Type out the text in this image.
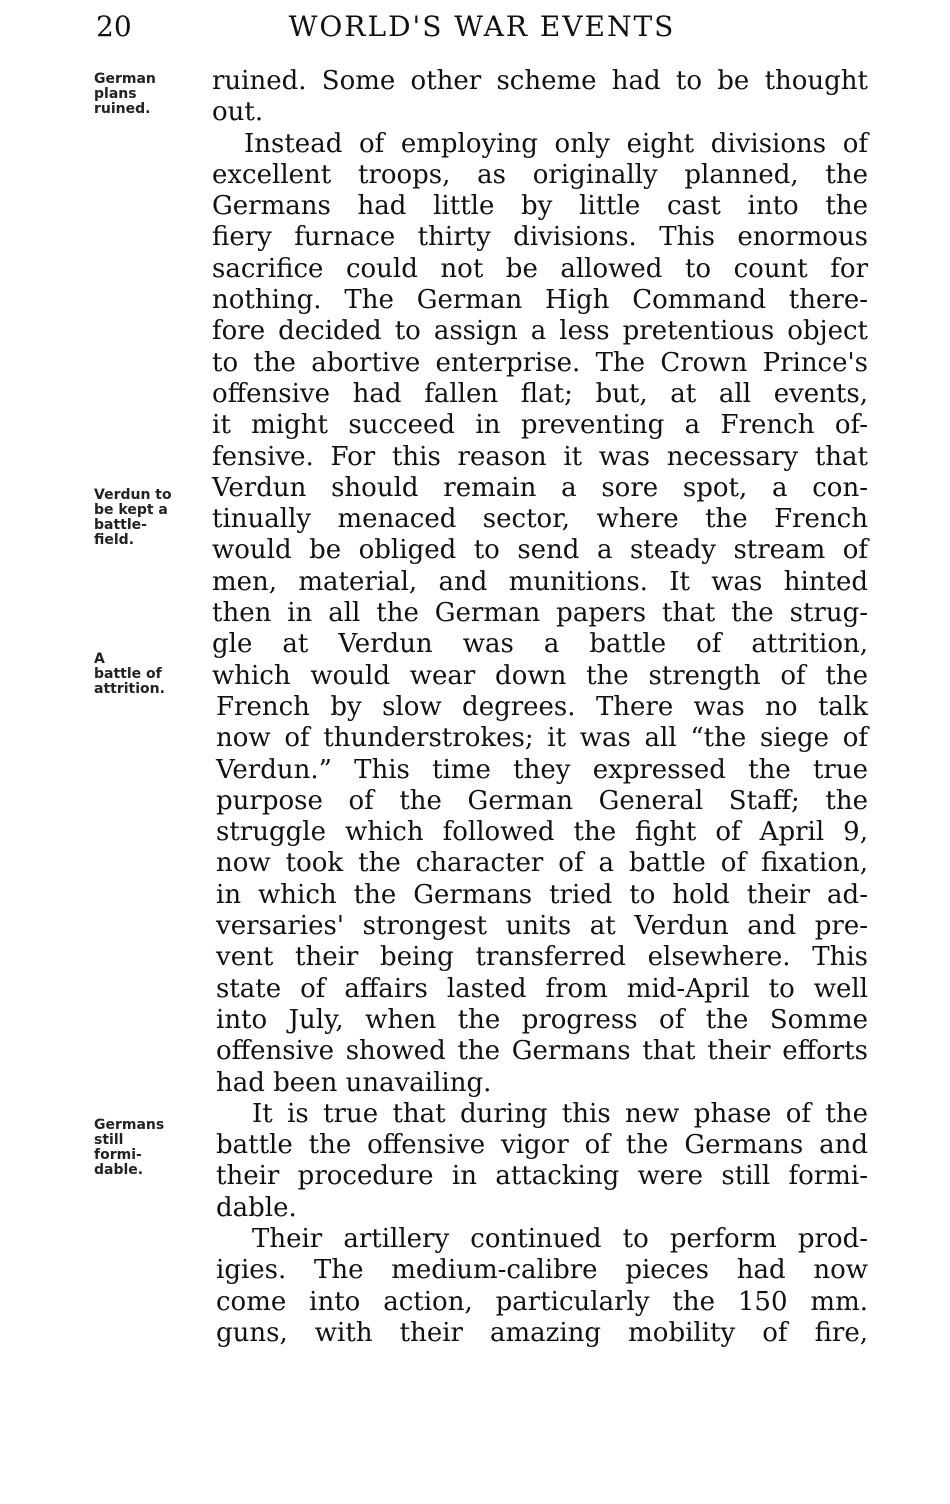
20	WORLD'S WAR EVENTS
German
plans
ruined.
Verdun to
be kept a
battle-
field.
A
battle of
attrition.
Germans
still
formi-
dable.

ruined. Some other scheme had to be thought
out.

Instead of employing only eight divisions of
excellent troops, as originally planned, the
Germans had little by little cast into the
fiery furnace thirty divisions. This enormous
sacrifice could not be allowed to count for
nothing. The German High Command there-
fore decided to assign a less pretentious object
to the abortive enterprise. The Crown Prince's
offensive had fallen flat; but, at all events,
it might succeed in preventing a French of-
fensive. For this reason it was necessary that
Verdun should remain a sore spot, a con-
tinually menaced sector, where the French
would be obliged to send a steady stream of
men, material, and munitions. It was hinted
then in all the German papers that the strug-
gle at Verdun was a battle of attrition,
which would wear down the strength of the
French by slow degrees. There was no talk
now of thunderstrokes; it was all “the siege of
Verdun.” This time they expressed the true
purpose of the German General Staff; the
struggle which followed the fight of April 9,
now took the character of a battle of fixation,
in which the Germans tried to hold their ad-
versaries' strongest units at Verdun and pre-
vent their being transferred elsewhere. This
state of affairs lasted from mid-April to well
into July, when the progress of the Somme
offensive showed the Germans that their efforts
had been unavailing.

It is true that during this new phase of the
battle the offensive vigor of the Germans and
their procedure in attacking were still formi-
dable.

Their artillery continued to perform prod-
igies. The medium-calibre pieces had now
come into action, particularly the 150 mm.
guns, with their amazing mobility of fire,
